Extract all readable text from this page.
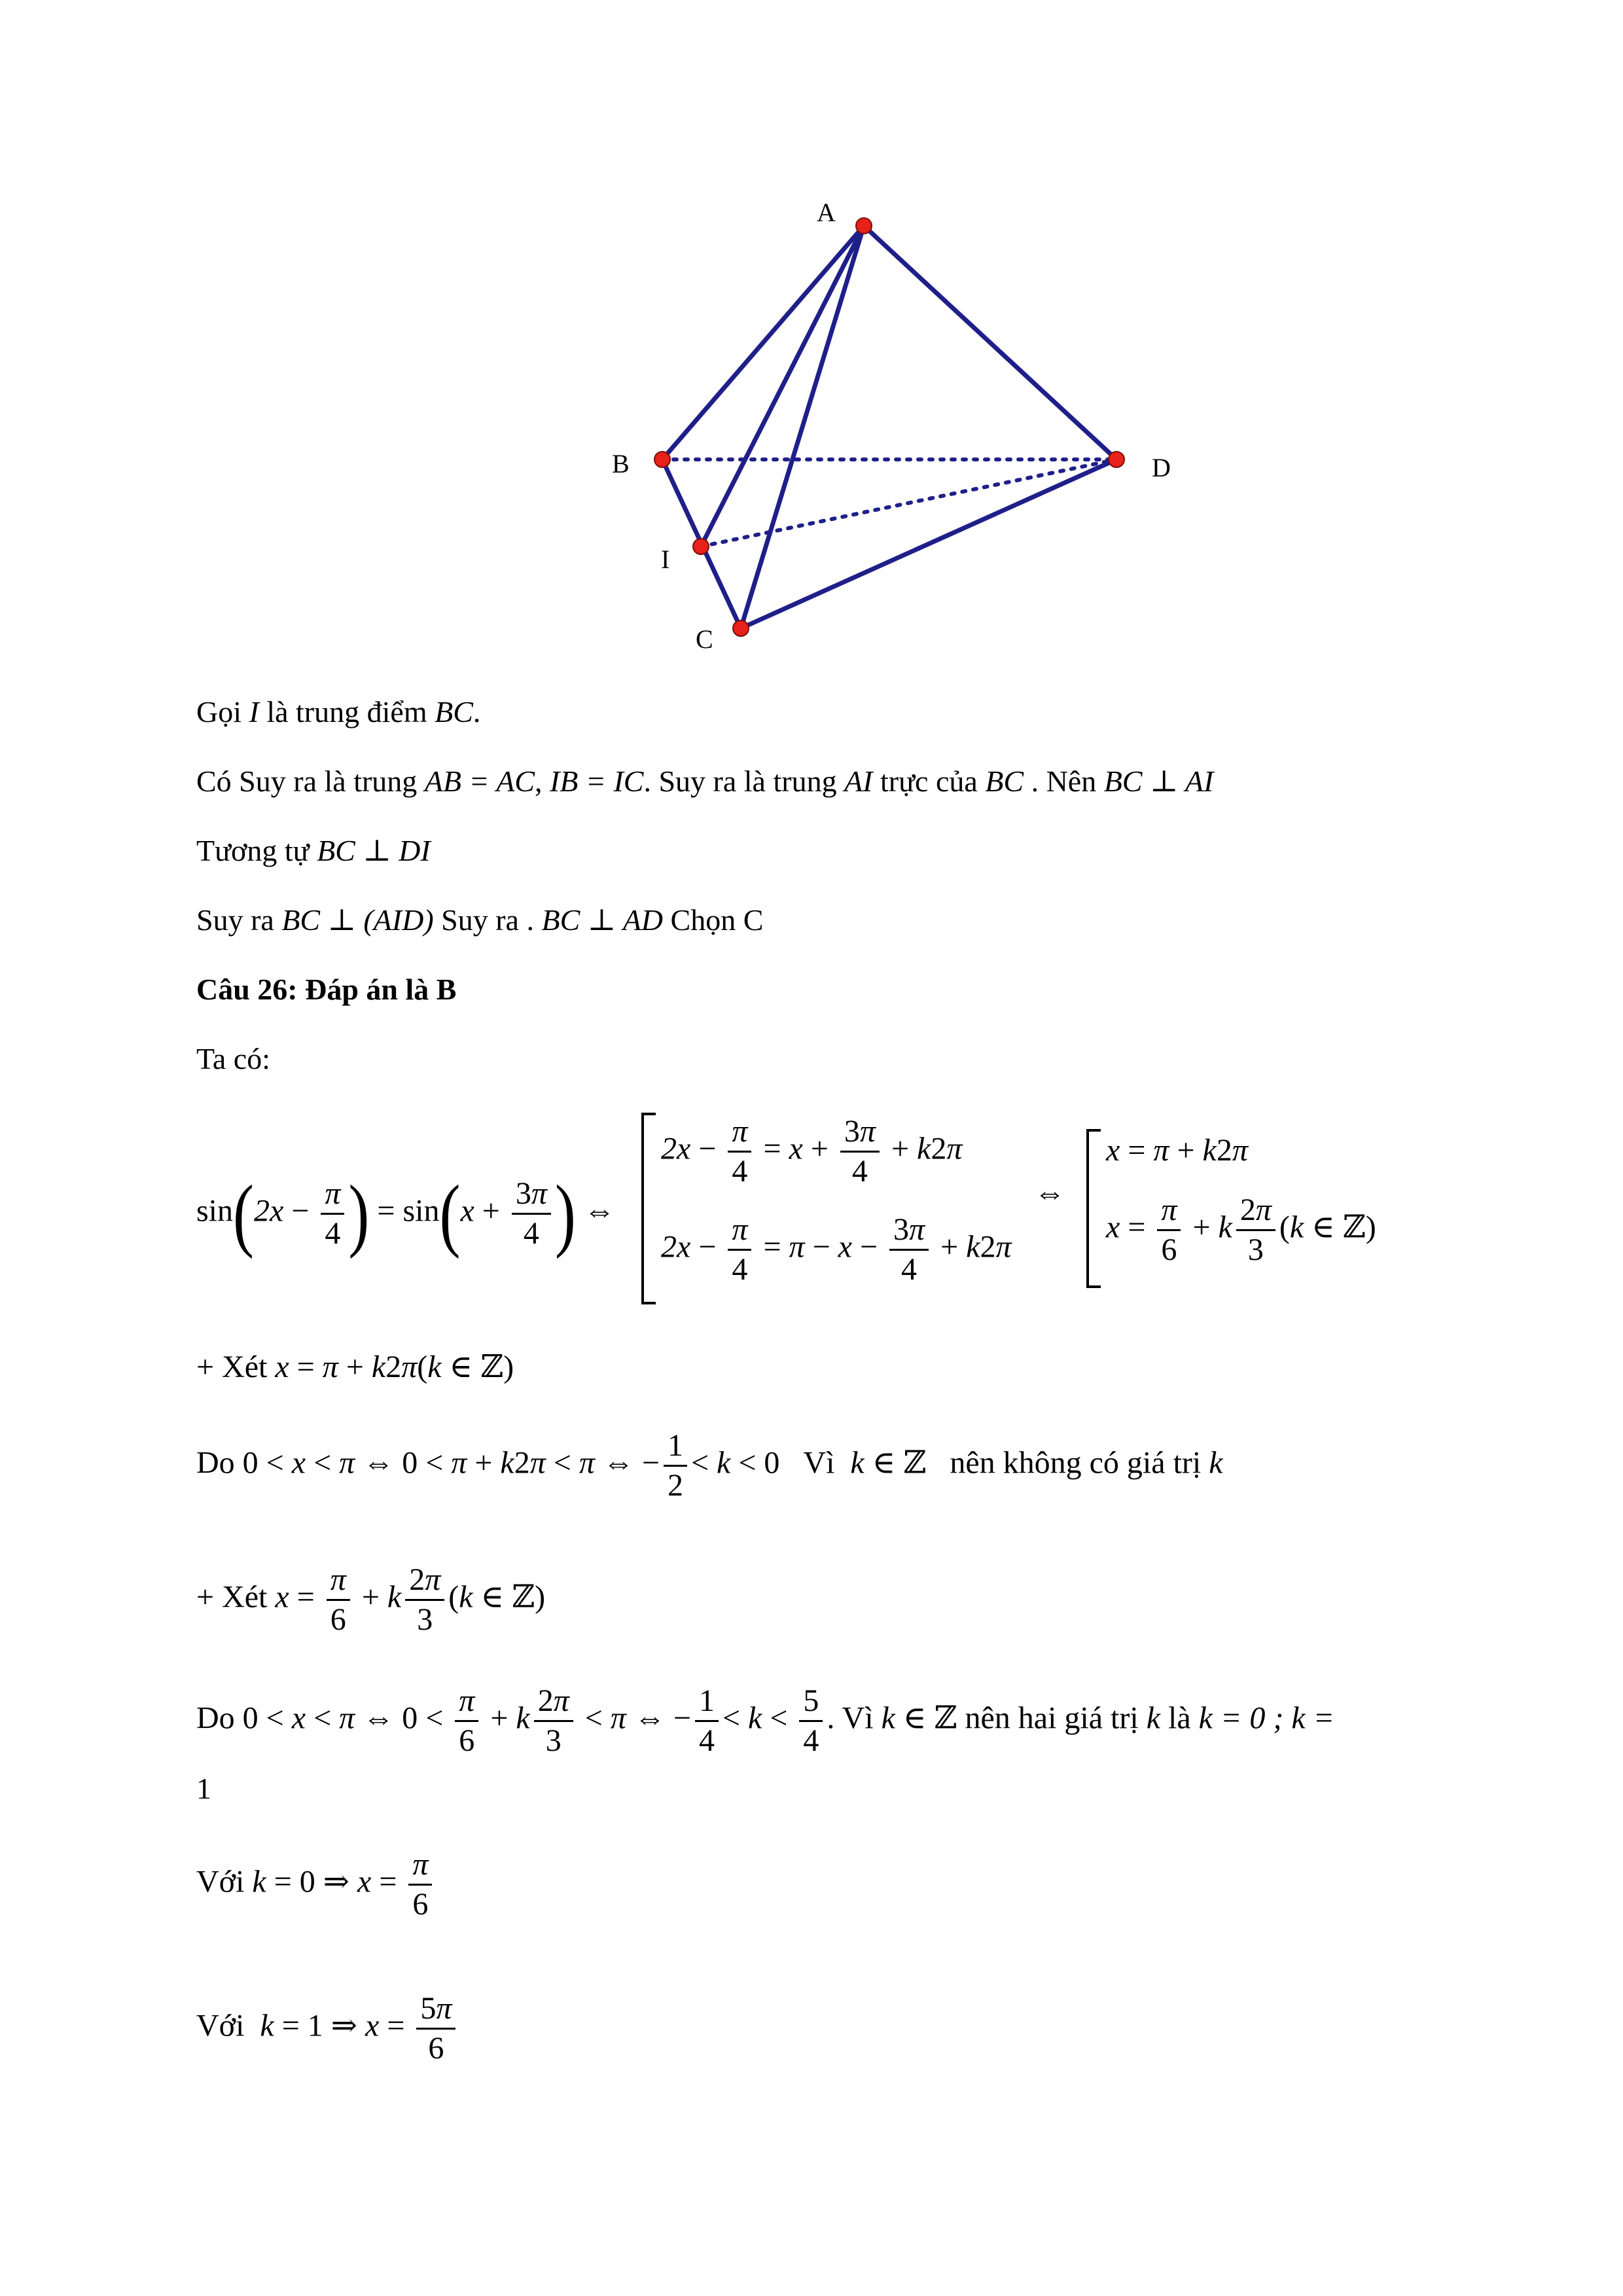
A
B	D
I
C
Gọi I là trung điểm BC.
Có Suy ra là trung AB = AC, IB = IC. Suy ra là trung AI trực của BC . Nên BC ⊥ AI
Tương tự BC ⊥ DI
Suy ra BC ⊥ (AID) Suy ra . BC ⊥ AD Chọn C
Câu 26: Đáp án là B
Ta có:
$\sin(2x - \frac{\pi}{4}$ ) = $\sin(x + \frac{3\pi}{4}$ ) ⇔
$2x - \frac{\pi}{4} = x + \frac{3\pi}{4} + k2\pi$
$2x - \frac{\pi}{4} = \pi - x - \frac{3\pi}{4} + k2\pi$
⇔
x = π + k2π
$x = \frac{\pi}{6} + k \frac{2\pi}{3} (k$ ∈ ℤ)
+ Xét x = π + k2π(k ∈ ℤ)
Do 0 < x < π ⇔ 0 < π + k2π < π ⇔ − $\frac{1}{2} < k < 0$   Vì k ∈ ℤ nên không có giá trị k
+ Xét $x = \frac{\pi}{6} + k \frac{2\pi}{3} (k$ ∈ ℤ)
Do 0 < x < π ⇔ $0 < \frac{\pi}{6} + k \frac{2\pi}{3} < \pi$ ⇔ − $\frac{1}{4} < k < \frac{5}{4}$ . Vì k ∈ ℤ nên hai giá trị k là k = 0 ; k =
1
Với k = 0 ⇒ $x = \frac{\pi}{6}$
Với k = 1 ⇒ $x = \frac{5\pi}{6}$
